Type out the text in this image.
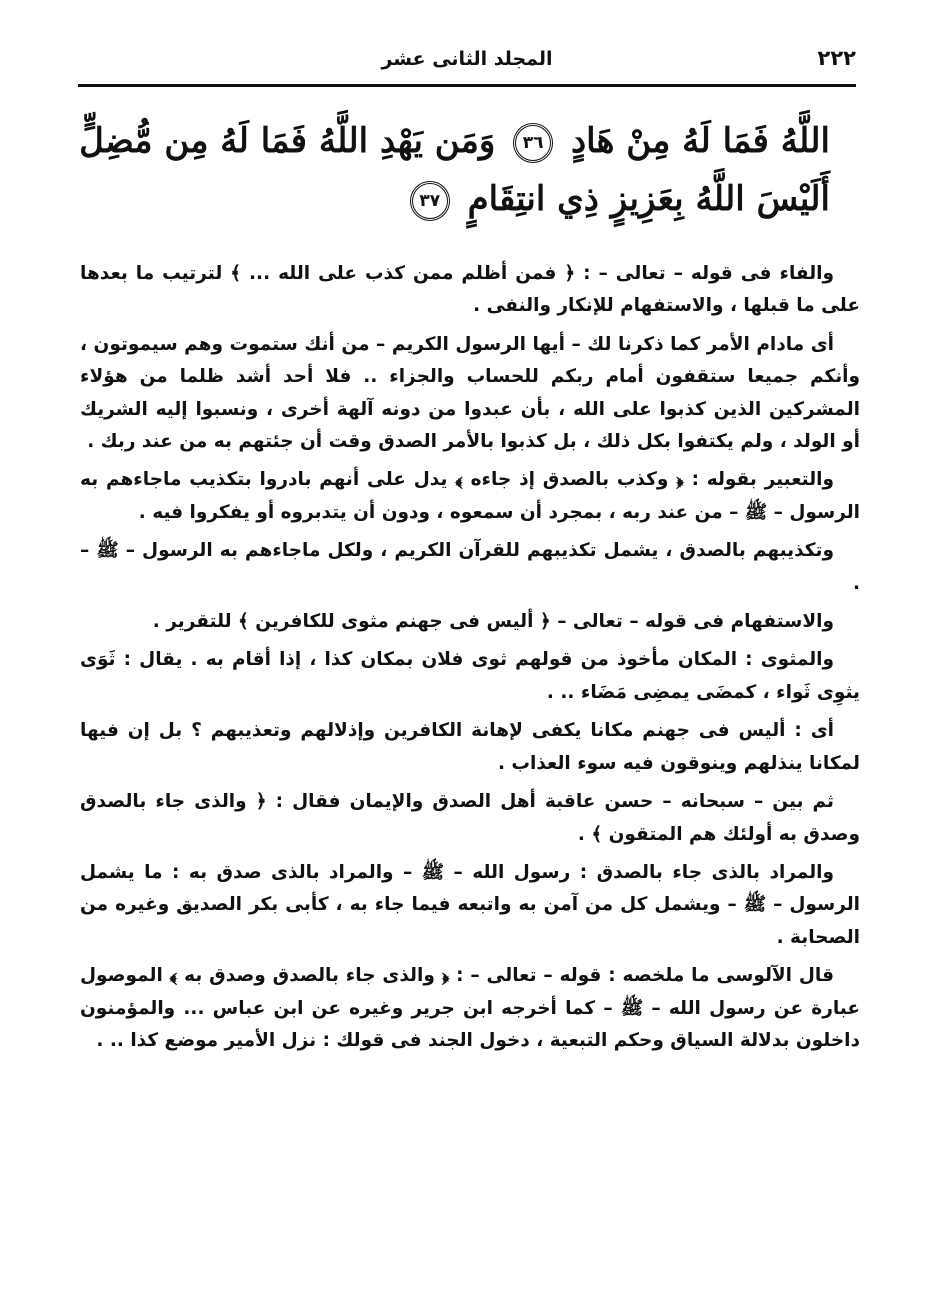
٢٢٢
المجلد الثانى عشر
اللَّهُ فَمَا لَهُ مِنْ هَادٍ ٣٦ وَمَن يَهْدِ اللَّهُ فَمَا لَهُ مِن مُّضِلٍّ
أَلَيْسَ اللَّهُ بِعَزِيزٍ ذِي انتِقَامٍ ٣٧

والفاء فى قوله – تعالى – : ﴿ فمن أظلم ممن كذب على الله ... ﴾ لترتيب ما بعدها على ما قبلها ، والاستفهام للإنكار والنفى .

أى مادام الأمر كما ذكرنا لك – أيها الرسول الكريم – من أنك ستموت وهم سيموتون ، وأنكم جميعا ستقفون أمام ربكم للحساب والجزاء .. فلا أحد أشد ظلما من هؤلاء المشركين الذين كذبوا على الله ، بأن عبدوا من دونه آلهة أخرى ، ونسبوا إليه الشريك أو الولد ، ولم يكتفوا بكل ذلك ، بل كذبوا بالأمر الصدق وقت أن جئتهم به من عند ربك .

والتعبير بقوله : ﴿ وكذب بالصدق إذ جاءه ﴾ يدل على أنهم بادروا بتكذيب ماجاءهم به الرسول – ﷺ – من عند ربه ، بمجرد أن سمعوه ، ودون أن يتدبروه أو يفكروا فيه .

وتكذيبهم بالصدق ، يشمل تكذيبهم للقرآن الكريم ، ولكل ماجاءهم به الرسول – ﷺ – .

والاستفهام فى قوله – تعالى – ﴿ أليس فى جهنم مثوى للكافرين ﴾ للتقرير .

والمثوى : المكان مأخوذ من قولهم ثوى فلان بمكان كذا ، إذا أقام به . يقال : ثَوَى يثوِى ثَواء ، كمضَى يمضِى مَضَاء .. .

أى : أليس فى جهنم مكانا يكفى لإهانة الكافرين وإذلالهم وتعذيبهم ؟ بل إن فيها لمكانا ينذلهم وينوقون فيه سوء العذاب .

ثم بين – سبحانه – حسن عاقبة أهل الصدق والإيمان فقال : ﴿ والذى جاء بالصدق وصدق به أولئك هم المتقون ﴾ .

والمراد بالذى جاء بالصدق : رسول الله – ﷺ – والمراد بالذى صدق به : ما يشمل الرسول – ﷺ – ويشمل كل من آمن به واتبعه فيما جاء به ، كأبى بكر الصديق وغيره من الصحابة .

قال الآلوسى ما ملخصه : قوله – تعالى – : ﴿ والذى جاء بالصدق وصدق به ﴾ الموصول عبارة عن رسول الله – ﷺ – كما أخرجه ابن جرير وغيره عن ابن عباس ... والمؤمنون داخلون بدلالة السياق وحكم التبعية ، دخول الجند فى قولك : نزل الأمير موضع كذا .. .
